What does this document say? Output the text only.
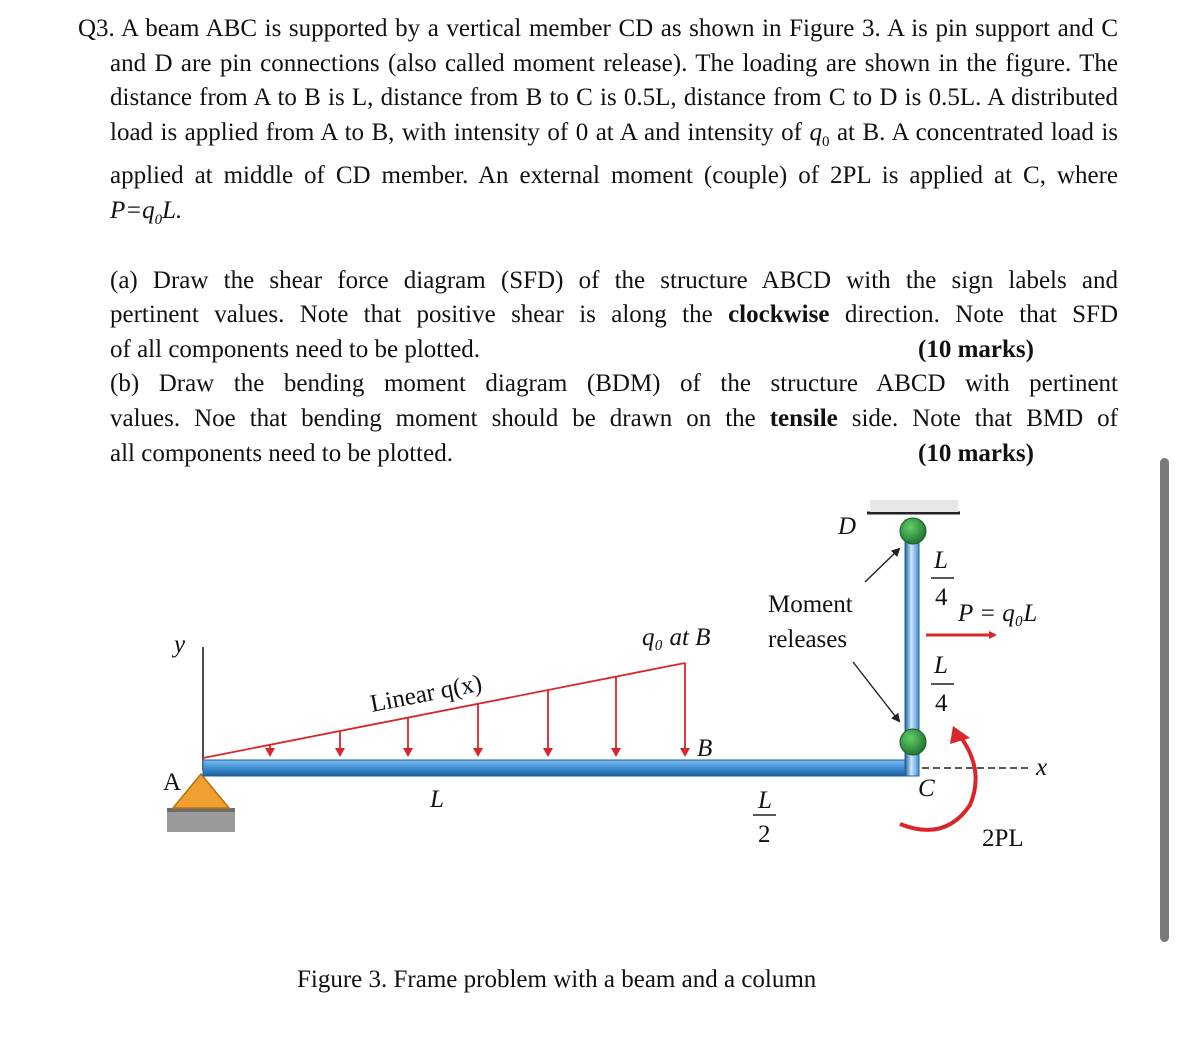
Q3. A beam ABC is supported by a vertical member CD as shown in Figure 3. A is pin support and C and D are pin connections (also called moment release). The loading are shown in the figure. The distance from A to B is L, distance from B to C is 0.5L, distance from C to D is 0.5L. A distributed load is applied from A to B, with intensity of 0 at A and intensity of $q_0$ at B. A concentrated load is applied at middle of CD member. An external moment (couple) of 2PL is applied at C, where $P=q_0L$.

(a) Draw the shear force diagram (SFD) of the structure ABCD with the sign labels and

pertinent values. Note that positive shear is along the clockwise direction. Note that SFD

of all components need to be plotted.	(10 marks)

(b) Draw the bending moment diagram (BDM) of the structure ABCD with pertinent

values. Noe that bending moment should be drawn on the tensile side. Note that BMD of

all components need to be plotted.	(10 marks)

y
x
A
D
Linear q(x)
q₀ at B
B
L	L
2
L
4
L
4
Moment
releases
P = q₀L
C
2PL
Figure 3. Frame problem with a beam and a column
